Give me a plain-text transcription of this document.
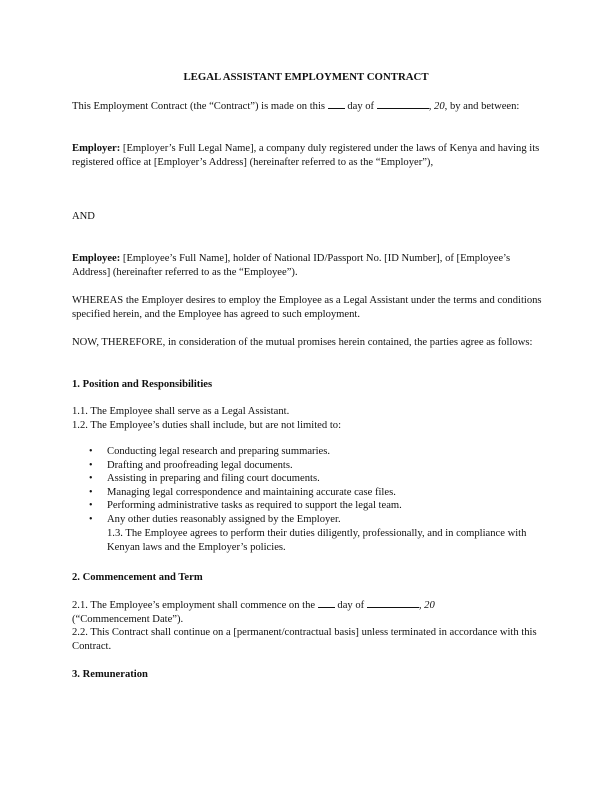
LEGAL ASSISTANT EMPLOYMENT CONTRACT

This Employment Contract (the “Contract”) is made on this  day of	, 20, by and between:

Employer: [Employer’s Full Legal Name], a company duly registered under the laws of Kenya and having its registered office at [Employer’s Address] (hereinafter referred to as the “Employer”),

AND

Employee: [Employee’s Full Name], holder of National ID/Passport No. [ID Number], of [Employee’s Address] (hereinafter referred to as the “Employee”).

WHEREAS the Employer desires to employ the Employee as a Legal Assistant under the terms and conditions specified herein, and the Employee has agreed to such employment.

NOW, THEREFORE, in consideration of the mutual promises herein contained, the parties agree as follows:

1. Position and Responsibilities

1.1. The Employee shall serve as a Legal Assistant.

1.2. The Employee’s duties shall include, but are not limited to:

• Conducting legal research and preparing summaries.
• Drafting and proofreading legal documents.
• Assisting in preparing and filing court documents.
• Managing legal correspondence and maintaining accurate case files.
• Performing administrative tasks as required to support the legal team.
• Any other duties reasonably assigned by the Employer.

1.3. The Employee agrees to perform their duties diligently, professionally, and in compliance with Kenyan laws and the Employer’s policies.

2. Commencement and Term

2.1. The Employee’s employment shall commence on the  day of	, 20
(“Commencement Date”).

2.2. This Contract shall continue on a [permanent/contractual basis] unless terminated in accordance with this Contract.

3. Remuneration
